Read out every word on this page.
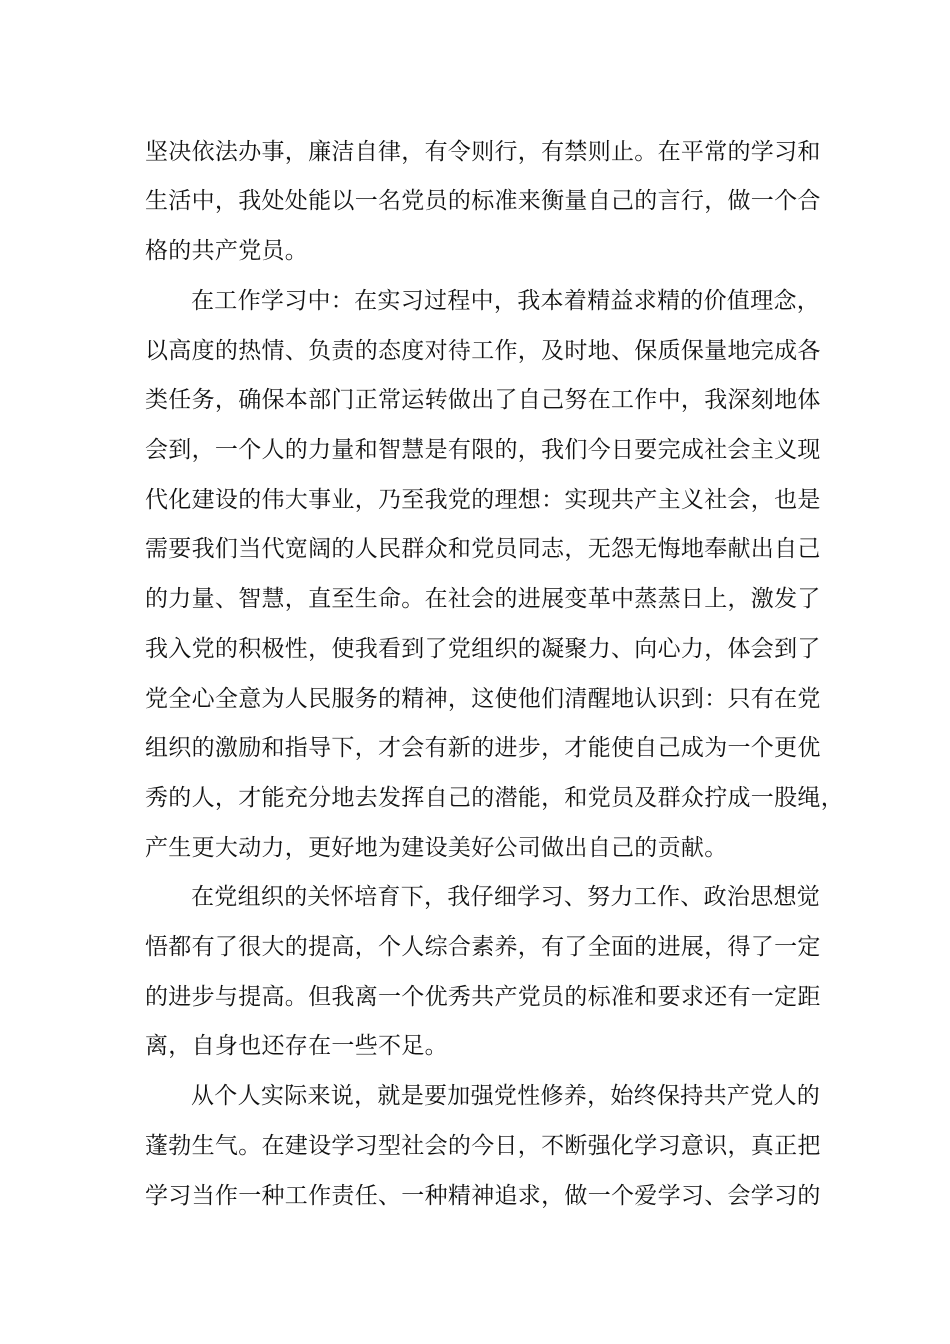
坚决依法办事，廉洁自律，有令则行，有禁则止。在平常的学习和
生活中，我处处能以一名党员的标准来衡量自己的言行，做一个合
格的共产党员。
在工作学习中：在实习过程中，我本着精益求精的价值理念，
以高度的热情、负责的态度对待工作，及时地、保质保量地完成各
类任务，确保本部门正常运转做出了自己努在工作中，我深刻地体
会到，一个人的力量和智慧是有限的，我们今日要完成社会主义现
代化建设的伟大事业，乃至我党的理想：实现共产主义社会，也是
需要我们当代宽阔的人民群众和党员同志，无怨无悔地奉献出自己
的力量、智慧，直至生命。在社会的进展变革中蒸蒸日上，激发了
我入党的积极性，使我看到了党组织的凝聚力、向心力，体会到了
党全心全意为人民服务的精神，这使他们清醒地认识到：只有在党
组织的激励和指导下，才会有新的进步，才能使自己成为一个更优
秀的人，才能充分地去发挥自己的潜能，和党员及群众拧成一股绳，
产生更大动力，更好地为建设美好公司做出自己的贡献。
在党组织的关怀培育下，我仔细学习、努力工作、政治思想觉
悟都有了很大的提高，个人综合素养，有了全面的进展，得了一定
的进步与提高。但我离一个优秀共产党员的标准和要求还有一定距
离，自身也还存在一些不足。
从个人实际来说，就是要加强党性修养，始终保持共产党人的
蓬勃生气。在建设学习型社会的今日，不断强化学习意识，真正把
学习当作一种工作责任、一种精神追求，做一个爱学习、会学习的
